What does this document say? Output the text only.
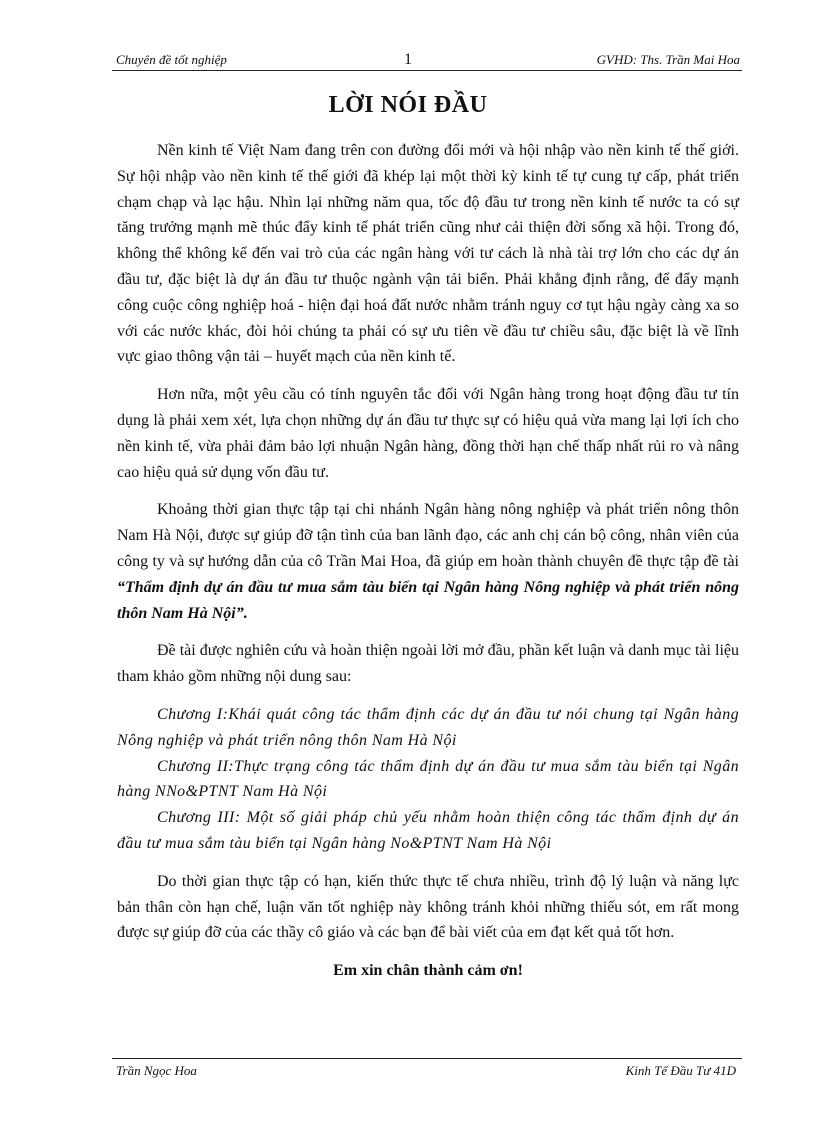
Chuyên đề tốt nghiệp	1	GVHD: Ths. Trần Mai Hoa
LỜI NÓI ĐẦU

Nền kinh tế Việt Nam đang trên con đường đổi mới và hội nhập vào nền kinh tế thế giới. Sự hội nhập vào nền kinh tế thế giới đã khép lại một thời kỳ kinh tế tự cung tự cấp, phát triển chạm chạp và lạc hậu. Nhìn lại những năm qua, tốc độ đầu tư trong nền kinh tế nước ta có sự tăng trưởng mạnh mẽ thúc đẩy kinh tế phát triển cũng như cải thiện đời sống xã hội. Trong đó, không thể không kể đến vai trò của các ngân hàng với tư cách là nhà tài trợ lớn cho các dự án đầu tư, đặc biệt là dự án đầu tư thuộc ngành vận tải biển. Phải khẳng định rằng, để đẩy mạnh công cuộc công nghiệp hoá - hiện đại hoá đất nước nhằm tránh nguy cơ tụt hậu ngày càng xa so với các nước khác, đòi hỏi chúng ta phải có sự ưu tiên về đầu tư chiều sâu, đặc biệt là về lĩnh vực giao thông vận tải – huyết mạch của nền kinh tế.

Hơn nữa, một yêu cầu có tính nguyên tắc đối với Ngân hàng trong hoạt động đầu tư tín dụng là phải xem xét, lựa chọn những dự án đầu tư thực sự có hiệu quả vừa mang lại lợi ích cho nền kinh tế, vừa phải đảm bảo lợi nhuận Ngân hàng, đồng thời hạn chế thấp nhất rủi ro và nâng cao hiệu quả sử dụng vốn đầu tư.

Khoảng thời gian thực tập tại chi nhánh Ngân hàng nông nghiệp và phát triển nông thôn Nam Hà Nội, được sự giúp đỡ tận tình của ban lãnh đạo, các anh chị cán bộ công, nhân viên của công ty và sự hướng dẫn của cô Trần Mai Hoa, đã giúp em hoàn thành chuyên đề thực tập đề tài “Thẩm định dự án đầu tư mua sắm tàu biển tại Ngân hàng Nông nghiệp và phát triển nông thôn Nam Hà Nội”.

Đề tài được nghiên cứu và hoàn thiện ngoài lời mở đầu, phần kết luận và danh mục tài liệu tham khảo gồm những nội dung sau:

Chương I:Khái quát công tác thẩm định các dự án đầu tư nói chung tại Ngân hàng Nông nghiệp và phát triển nông thôn Nam Hà Nội

Chương II:Thực trạng công tác thẩm định dự án đầu tư mua sắm tàu biển tại Ngân hàng NNo&PTNT Nam Hà Nội

Chương III: Một số giải pháp chủ yếu nhằm hoàn thiện công tác thẩm định dự án đầu tư mua sắm tàu biển tại Ngân hàng No&PTNT Nam Hà Nội

Do thời gian thực tập có hạn, kiến thức thực tế chưa nhiều, trình độ lý luận và năng lực bản thân còn hạn chế, luận văn tốt nghiệp này không tránh khỏi những thiếu sót, em rất mong được sự giúp đỡ của các thầy cô giáo và các bạn để bài viết của em đạt kết quả tốt hơn.

Em xin chân thành cảm ơn!

Trần Ngọc Hoa	Kinh Tế Đầu Tư 41D
